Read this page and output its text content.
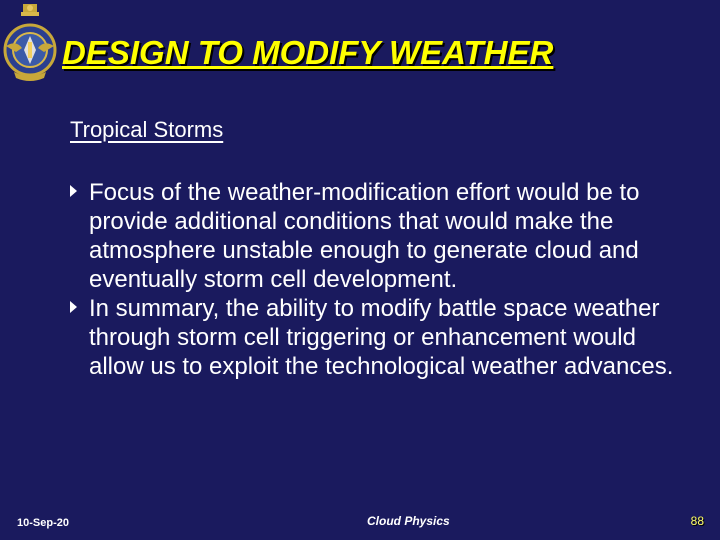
DESIGN TO MODIFY WEATHER
Tropical Storms
Focus of the weather-modification effort would be to provide additional conditions that would make the atmosphere unstable enough to generate cloud and eventually storm cell development.
In summary, the ability to modify battle space weather through storm cell triggering or enhancement would allow us to exploit the technological weather advances.
10-Sep-20	Cloud Physics	88
